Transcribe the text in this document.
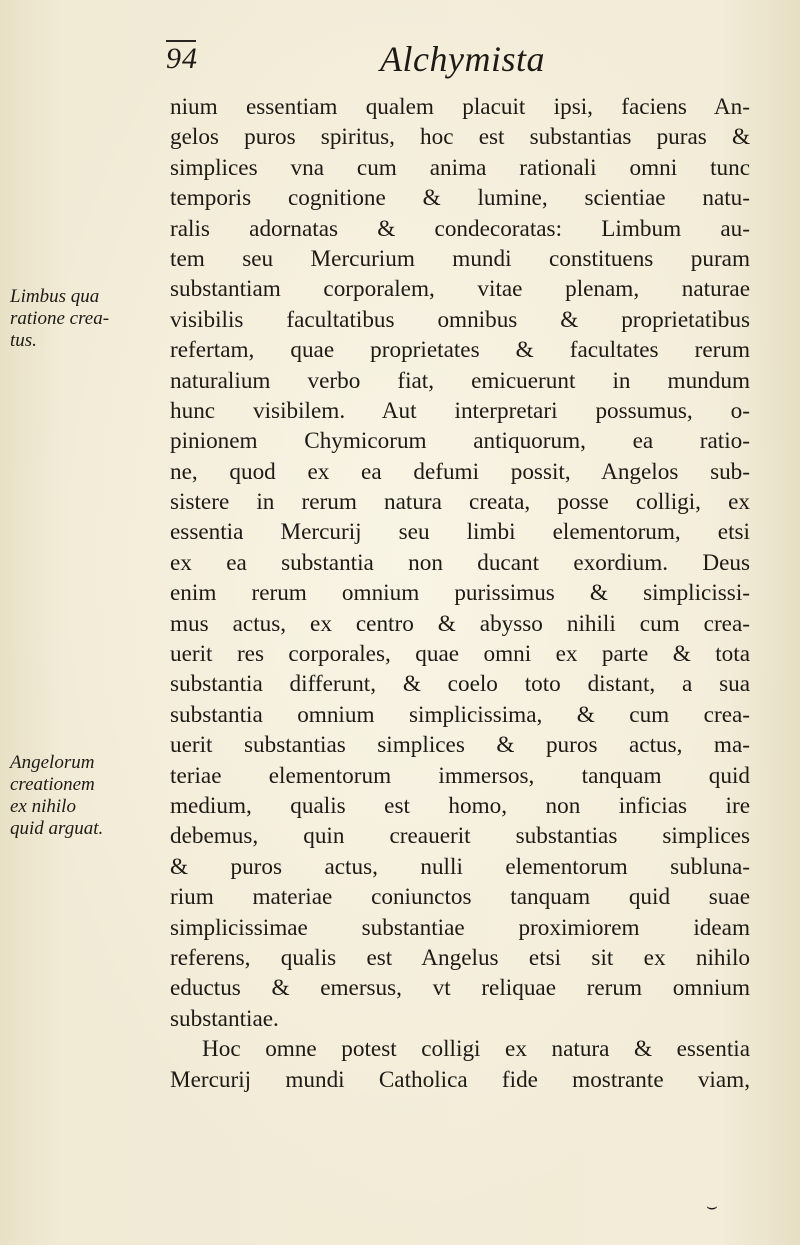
94	Alchymista
Limbus qua
ratione crea-
tus.
Angelorum
creationem
ex nihilo
quid arguat.
nium essentiam qualem placuit ipsi, faciens An-
gelos puros spiritus, hoc est substantias puras &
simplices vna cum anima rationali omni tunc
temporis cognitione & lumine, scientiae natu-
ralis adornatas & condecoratas: Limbum au-
tem seu Mercurium mundi constituens puram
substantiam corporalem, vitae plenam, naturae
visibilis facultatibus omnibus & proprietatibus
refertam, quae proprietates & facultates rerum
naturalium verbo fiat, emicuerunt in mundum
hunc visibilem. Aut interpretari possumus, o-
pinionem Chymicorum antiquorum, ea ratio-
ne, quod ex ea defumi possit, Angelos sub-
sistere in rerum natura creata, posse colligi, ex
essentia Mercurij seu limbi elementorum, etsi
ex ea substantia non ducant exordium. Deus
enim rerum omnium purissimus & simplicissi-
mus actus, ex centro & abysso nihili cum crea-
uerit res corporales, quae omni ex parte & tota
substantia differunt, & coelo toto distant, a sua
substantia omnium simplicissima, & cum crea-
uerit substantias simplices & puros actus, ma-
teriae elementorum immersos, tanquam quid
medium, qualis est homo, non inficias ire
debemus, quin creauerit substantias simplices
& puros actus, nulli elementorum subluna-
rium materiae coniunctos tanquam quid suae
simplicissimae substantiae proximiorem ideam
referens, qualis est Angelus etsi sit ex nihilo
eductus & emersus, vt reliquae rerum omnium
substantiae.
Hoc omne potest colligi ex natura & essentia
Mercurij mundi Catholica fide mostrante viam,
⌣
